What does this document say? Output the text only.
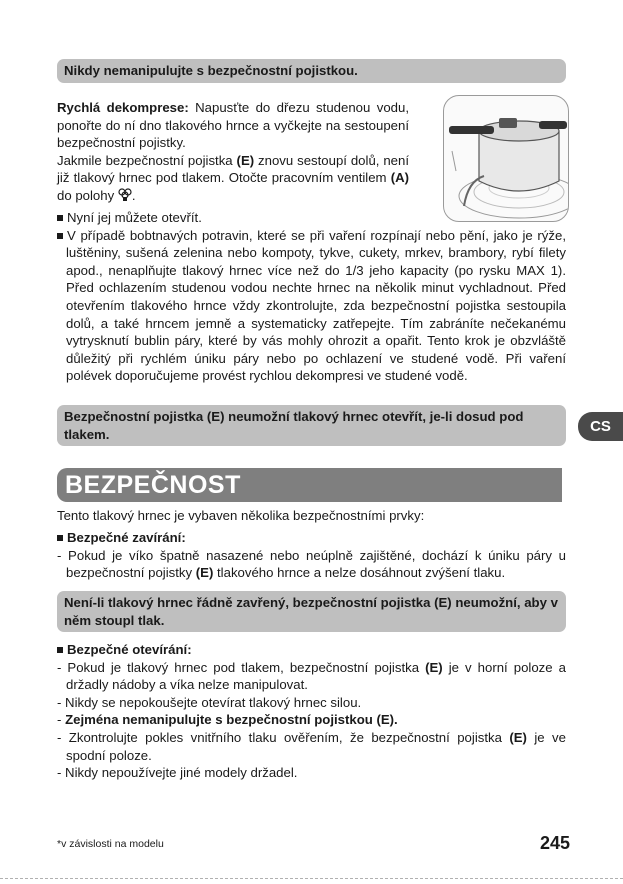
Nikdy nemanipulujte s bezpečnostní pojistkou.
Rychlá dekomprese: Napusťte do dřezu studenou vodu, ponořte do ní dno tlakového hrnce a vyčkejte na sestoupení bezpečnostní pojistky.
Jakmile bezpečnostní pojistka (E) znovu sestoupí dolů, není již tlakový hrnec pod tlakem. Otočte pracovním ventilem (A) do polohy .
Nyní jej můžete otevřít.
V případě bobtnavých potravin, které se při vaření rozpínají nebo pění, jako je rýže, luštěniny, sušená zelenina nebo kompoty, tykve, cukety, mrkev, brambory, rybí filety apod., nenaplňujte tlakový hrnec více než do 1/3 jeho kapacity (po rysku MAX 1). Před ochlazením studenou vodou nechte hrnec na několik minut vychladnout. Před otevřením tlakového hrnce vždy zkontrolujte, zda bezpečnostní pojistka sestoupila dolů, a také hrncem jemně a systematicky zatřepejte. Tím zabráníte nečekanému vytrysknutí bublin páry, které by vás mohly ohrozit a opařit. Tento krok je obzvláště důležitý při rychlém úniku páry nebo po ochlazení ve studené vodě. Při vaření polévek doporučujeme provést rychlou dekompresi ve studené vodě.
Bezpečnostní pojistka (E) neumožní tlakový hrnec otevřít, je-li dosud pod tlakem.	CS
BEZPEČNOST
Tento tlakový hrnec je vybaven několika bezpečnostními prvky:
Bezpečné zavírání:
- Pokud je víko špatně nasazené nebo neúplně zajištěné, dochází k úniku páry u bezpečnostní pojistky (E) tlakového hrnce a nelze dosáhnout zvýšení tlaku.
Není-li tlakový hrnec řádně zavřený, bezpečnostní pojistka (E) neumožní, aby v něm stoupl tlak.
Bezpečné otevírání:
- Pokud je tlakový hrnec pod tlakem, bezpečnostní pojistka (E) je v horní poloze a držadly nádoby a víka nelze manipulovat.
- Nikdy se nepokoušejte otevírat tlakový hrnec silou.
- Zejména nemanipulujte s bezpečnostní pojistkou (E).
- Zkontrolujte pokles vnitřního tlaku ověřením, že bezpečnostní pojistka (E) je ve spodní poloze.
- Nikdy nepoužívejte jiné modely držadel.
*v závislosti na modelu	245
